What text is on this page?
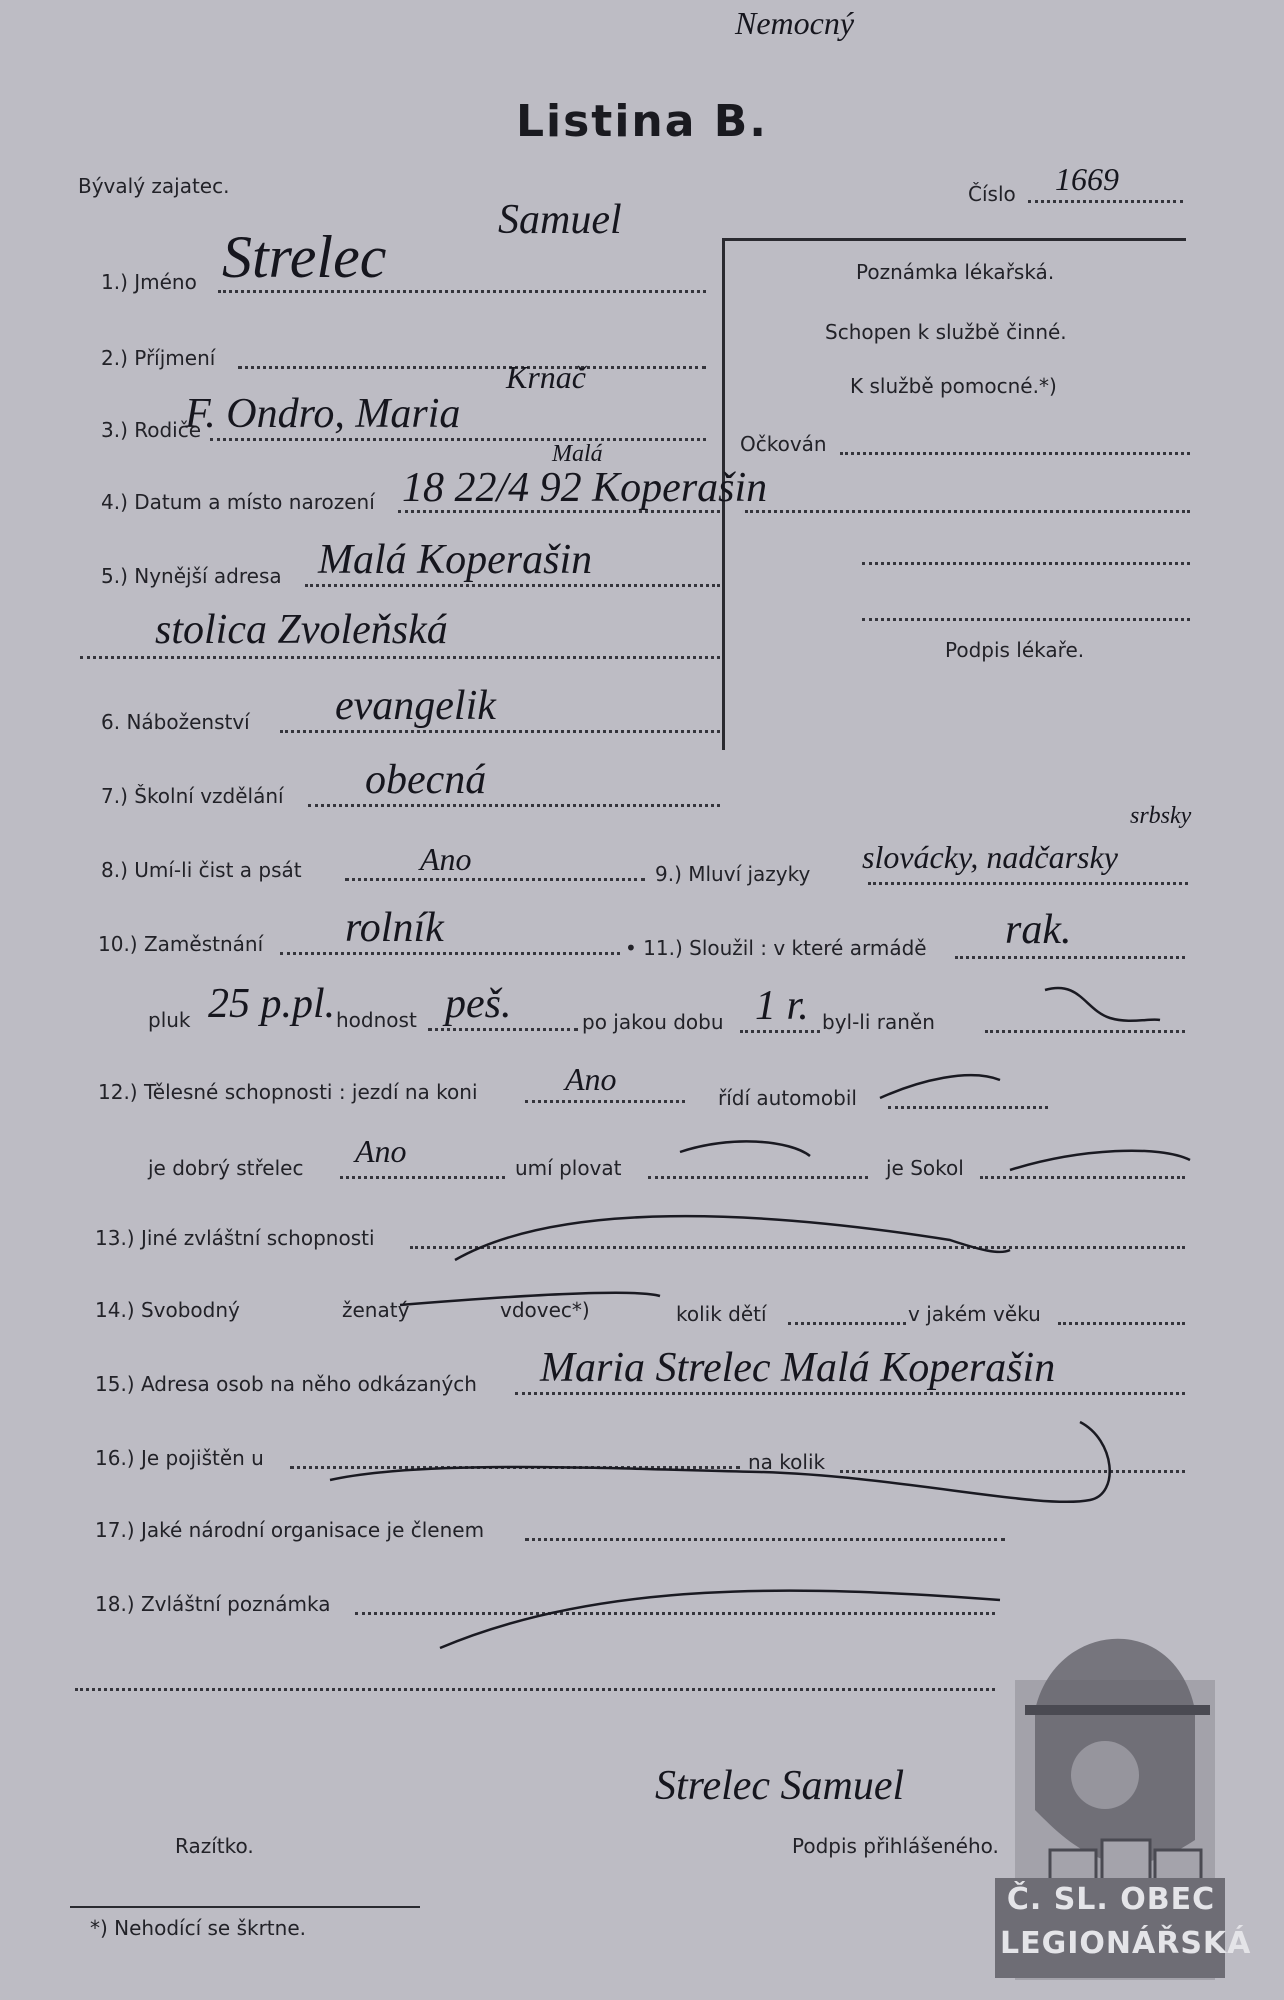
Nemocný
Listina B.
Bývalý zajatec.	Číslo 1669
Poznámka lékařská.
Schopen k službě činné.
K službě pomocné.*)
Očkován
Podpis lékaře.
Samuel
1.) Jméno Strelec
2.) Příjmení
Krnač
3.) Rodiče
F. Ondro, Maria
Malá
4.) Datum a místo narození 18 22/4 92 Koperašin
5.) Nynější adresa Malá Koperašin
stolica Zvoleňská
6. Náboženství evangelik
7.) Školní vzdělání obecná
8.) Umí-li čist a psát	Ano	9.) Mluví jazyky
srbsky
slovácky, nadčarsky
10.) Zaměstnání rolník	• 11.) Sloužil : v které armádě rak.
pluk 25 p.pl. hodnost peš.	po jakou dobu 1 r. byl-li raněn
12.) Tělesné schopnosti : jezdí na koni	Ano
řídí automobil
je dobrý střelec Ano	umí plovat	je Sokol
13.) Jiné zvláštní schopnosti
14.) Svobodný	ženatý	vdovec*)	kolik dětí	v jakém věku
15.) Adresa osob na něho odkázaných Maria Strelec Malá Koperašin
16.) Je pojištěn u	na kolik
17.) Jaké národní organisace je členem
18.) Zvláštní poznámka
Č. SL. OBEC
LEGIONÁŘSKÁ
Strelec Samuel
Razítko.	Podpis přihlášeného.
*) Nehodící se škrtne.
